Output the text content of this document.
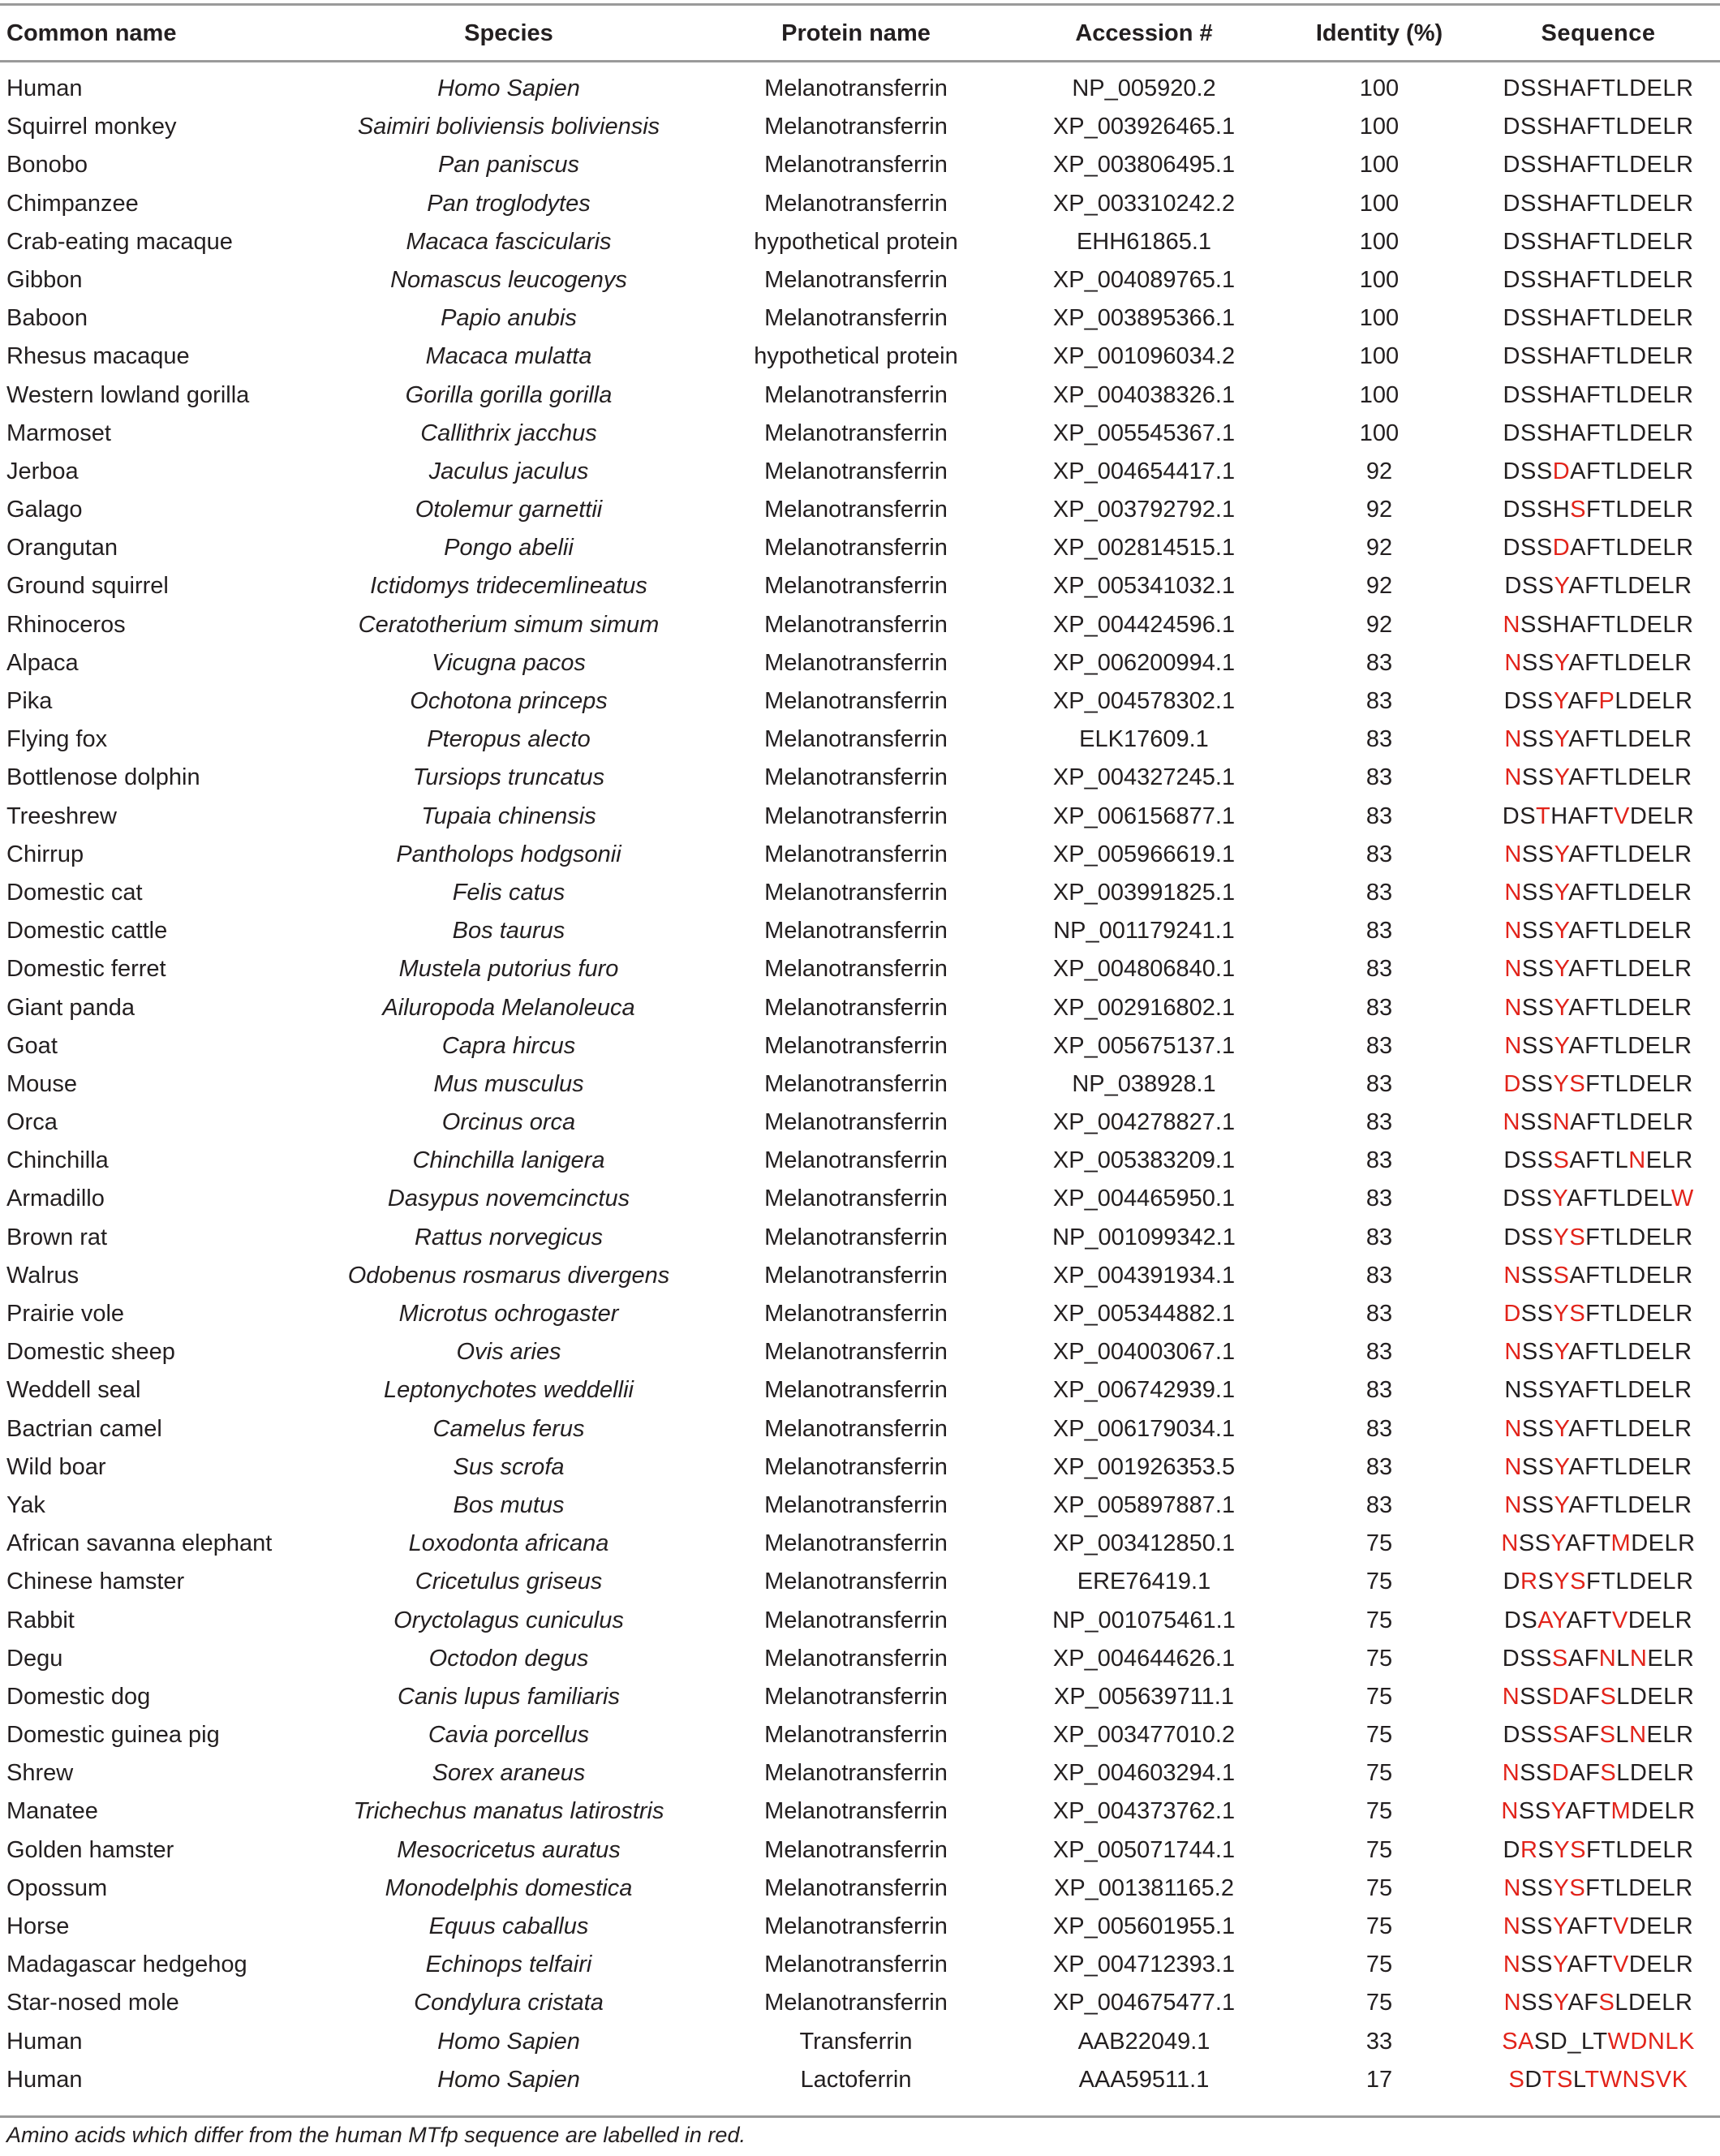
Common name	Species	Protein name	Accession #	Identity (%)	Sequence
Human	Homo Sapien	Melanotransferrin	NP_005920.2	100	DSSHAFTLDELR
Squirrel monkey	Saimiri boliviensis boliviensis	Melanotransferrin	XP_003926465.1	100	DSSHAFTLDELR
Bonobo	Pan paniscus	Melanotransferrin	XP_003806495.1	100	DSSHAFTLDELR
Chimpanzee	Pan troglodytes	Melanotransferrin	XP_003310242.2	100	DSSHAFTLDELR
Crab-eating macaque	Macaca fascicularis	hypothetical protein	EHH61865.1	100	DSSHAFTLDELR
Gibbon	Nomascus leucogenys	Melanotransferrin	XP_004089765.1	100	DSSHAFTLDELR
Baboon	Papio anubis	Melanotransferrin	XP_003895366.1	100	DSSHAFTLDELR
Rhesus macaque	Macaca mulatta	hypothetical protein	XP_001096034.2	100	DSSHAFTLDELR
Western lowland gorilla	Gorilla gorilla gorilla	Melanotransferrin	XP_004038326.1	100	DSSHAFTLDELR
Marmoset	Callithrix jacchus	Melanotransferrin	XP_005545367.1	100	DSSHAFTLDELR
Jerboa	Jaculus jaculus	Melanotransferrin	XP_004654417.1	92	DSSDAFTLDELR
Galago	Otolemur garnettii	Melanotransferrin	XP_003792792.1	92	DSSHSFTLDELR
Orangutan	Pongo abelii	Melanotransferrin	XP_002814515.1	92	DSSDAFTLDELR
Ground squirrel	Ictidomys tridecemlineatus	Melanotransferrin	XP_005341032.1	92	DSSYAFTLDELR
Rhinoceros	Ceratotherium simum simum	Melanotransferrin	XP_004424596.1	92	NSSHAFTLDELR
Alpaca	Vicugna pacos	Melanotransferrin	XP_006200994.1	83	NSSYAFTLDELR
Pika	Ochotona princeps	Melanotransferrin	XP_004578302.1	83	DSSYAFPLDELR
Flying fox	Pteropus alecto	Melanotransferrin	ELK17609.1	83	NSSYAFTLDELR
Bottlenose dolphin	Tursiops truncatus	Melanotransferrin	XP_004327245.1	83	NSSYAFTLDELR
Treeshrew	Tupaia chinensis	Melanotransferrin	XP_006156877.1	83	DSTHAFTVDELR
Chirrup	Pantholops hodgsonii	Melanotransferrin	XP_005966619.1	83	NSSYAFTLDELR
Domestic cat	Felis catus	Melanotransferrin	XP_003991825.1	83	NSSYAFTLDELR
Domestic cattle	Bos taurus	Melanotransferrin	NP_001179241.1	83	NSSYAFTLDELR
Domestic ferret	Mustela putorius furo	Melanotransferrin	XP_004806840.1	83	NSSYAFTLDELR
Giant panda	Ailuropoda Melanoleuca	Melanotransferrin	XP_002916802.1	83	NSSYAFTLDELR
Goat	Capra hircus	Melanotransferrin	XP_005675137.1	83	NSSYAFTLDELR
Mouse	Mus musculus	Melanotransferrin	NP_038928.1	83	DSSYSFTLDELR
Orca	Orcinus orca	Melanotransferrin	XP_004278827.1	83	NSSNAFTLDELR
Chinchilla	Chinchilla lanigera	Melanotransferrin	XP_005383209.1	83	DSSSAFTLNELR
Armadillo	Dasypus novemcinctus	Melanotransferrin	XP_004465950.1	83	DSSYAFTLDELW
Brown rat	Rattus norvegicus	Melanotransferrin	NP_001099342.1	83	DSSYSFTLDELR
Walrus	Odobenus rosmarus divergens	Melanotransferrin	XP_004391934.1	83	NSSSAFTLDELR
Prairie vole	Microtus ochrogaster	Melanotransferrin	XP_005344882.1	83	DSSYSFTLDELR
Domestic sheep	Ovis aries	Melanotransferrin	XP_004003067.1	83	NSSYAFTLDELR
Weddell seal	Leptonychotes weddellii	Melanotransferrin	XP_006742939.1	83	NSSYAFTLDELR
Bactrian camel	Camelus ferus	Melanotransferrin	XP_006179034.1	83	NSSYAFTLDELR
Wild boar	Sus scrofa	Melanotransferrin	XP_001926353.5	83	NSSYAFTLDELR
Yak	Bos mutus	Melanotransferrin	XP_005897887.1	83	NSSYAFTLDELR
African savanna elephant	Loxodonta africana	Melanotransferrin	XP_003412850.1	75	NSSYAFTMDELR
Chinese hamster	Cricetulus griseus	Melanotransferrin	ERE76419.1	75	DRSYSFTLDELR
Rabbit	Oryctolagus cuniculus	Melanotransferrin	NP_001075461.1	75	DSAYAFTVDELR
Degu	Octodon degus	Melanotransferrin	XP_004644626.1	75	DSSSAFNLNELR
Domestic dog	Canis lupus familiaris	Melanotransferrin	XP_005639711.1	75	NSSDAFSLDELR
Domestic guinea pig	Cavia porcellus	Melanotransferrin	XP_003477010.2	75	DSSSAFSLNELR
Shrew	Sorex araneus	Melanotransferrin	XP_004603294.1	75	NSSDAFSLDELR
Manatee	Trichechus manatus latirostris	Melanotransferrin	XP_004373762.1	75	NSSYAFTMDELR
Golden hamster	Mesocricetus auratus	Melanotransferrin	XP_005071744.1	75	DRSYSFTLDELR
Opossum	Monodelphis domestica	Melanotransferrin	XP_001381165.2	75	NSSYSFTLDELR
Horse	Equus caballus	Melanotransferrin	XP_005601955.1	75	NSSYAFTVDELR
Madagascar hedgehog	Echinops telfairi	Melanotransferrin	XP_004712393.1	75	NSSYAFTVDELR
Star-nosed mole	Condylura cristata	Melanotransferrin	XP_004675477.1	75	NSSYAFSLDELR
Human	Homo Sapien	Transferrin	AAB22049.1	33	SASD_LTWDNLK
Human	Homo Sapien	Lactoferrin	AAA59511.1	17	SDTSLTWNSVK
Amino acids which differ from the human MTfp sequence are labelled in red.
